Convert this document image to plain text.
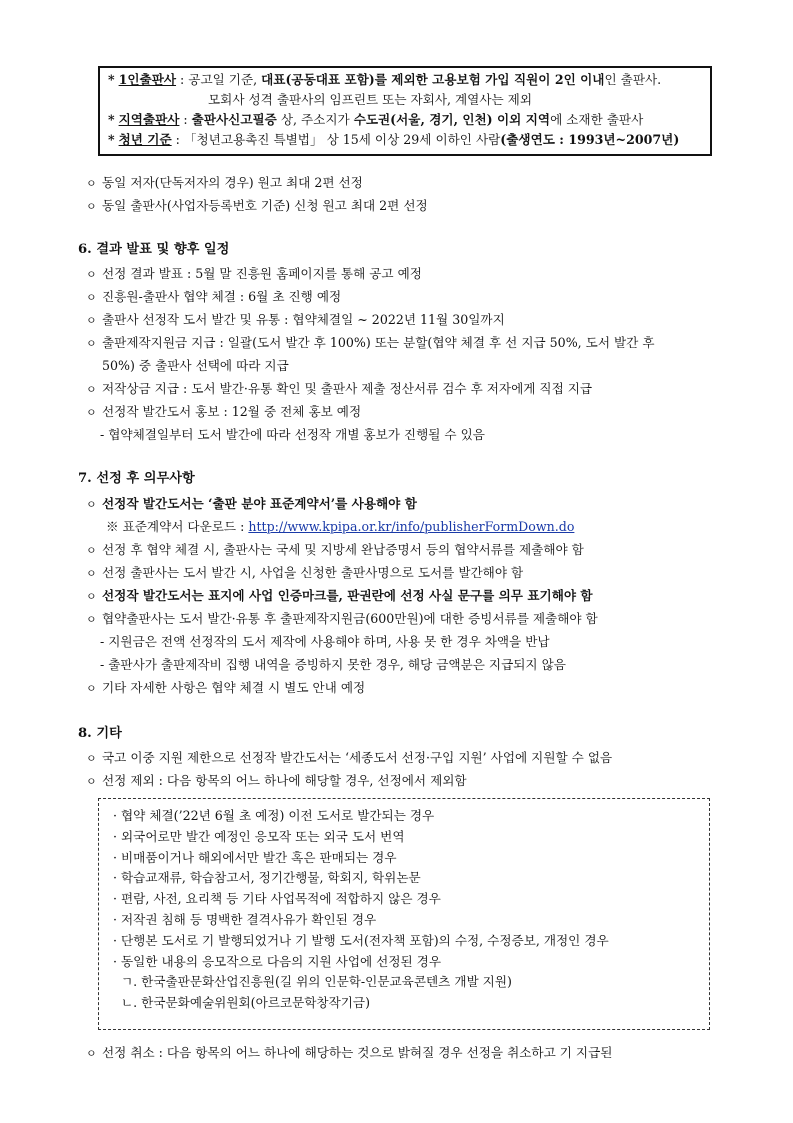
* 1인출판사 : 공고일 기준, 대표(공동대표 포함)를 제외한 고용보험 가입 직원이 2인 이내인 출판사.
모회사 성격 출판사의 임프린트 또는 자회사, 계열사는 제외
* 지역출판사 : 출판사신고필증 상, 주소지가 수도권(서울, 경기, 인천) 이외 지역에 소재한 출판사
* 청년 기준 : 「청년고용촉진 특별법」 상 15세 이상 29세 이하인 사람(출생연도 : 1993년~2007년)
ㅇ 동일 저자(단독저자의 경우) 원고 최대 2편 선정
ㅇ 동일 출판사(사업자등록번호 기준) 신청 원고 최대 2편 선정
6. 결과 발표 및 향후 일정
ㅇ 선정 결과 발표 : 5월 말 진흥원 홈페이지를 통해 공고 예정
ㅇ 진흥원-출판사 협약 체결 : 6월 초 진행 예정
ㅇ 출판사 선정작 도서 발간 및 유통 : 협약체결일 ~ 2022년 11월 30일까지
ㅇ 출판제작지원금 지급 : 일괄(도서 발간 후 100%) 또는 분할(협약 체결 후 선 지급 50%, 도서 발간 후
50%) 중 출판사 선택에 따라 지급
ㅇ 저작상금 지급 : 도서 발간·유통 확인 및 출판사 제출 정산서류 검수 후 저자에게 직접 지급
ㅇ 선정작 발간도서 홍보 : 12월 중 전체 홍보 예정
- 협약체결일부터 도서 발간에 따라 선정작 개별 홍보가 진행될 수 있음
7. 선정 후 의무사항
ㅇ 선정작 발간도서는 ‘출판 분야 표준계약서’를 사용해야 함
※ 표준계약서 다운로드 : http://www.kpipa.or.kr/info/publisherFormDown.do
ㅇ 선정 후 협약 체결 시, 출판사는 국세 및 지방세 완납증명서 등의 협약서류를 제출해야 함
ㅇ 선정 출판사는 도서 발간 시, 사업을 신청한 출판사명으로 도서를 발간해야 함
ㅇ 선정작 발간도서는 표지에 사업 인증마크를, 판권란에 선정 사실 문구를 의무 표기해야 함
ㅇ 협약출판사는 도서 발간·유통 후 출판제작지원금(600만원)에 대한 증빙서류를 제출해야 함
- 지원금은 전액 선정작의 도서 제작에 사용해야 하며, 사용 못 한 경우 차액을 반납
- 출판사가 출판제작비 집행 내역을 증빙하지 못한 경우, 해당 금액분은 지급되지 않음
ㅇ 기타 자세한 사항은 협약 체결 시 별도 안내 예정
8. 기타
ㅇ 국고 이중 지원 제한으로 선정작 발간도서는 ‘세종도서 선정·구입 지원’ 사업에 지원할 수 없음
ㅇ 선정 제외 : 다음 항목의 어느 하나에 해당할 경우, 선정에서 제외함
· 협약 체결(’22년 6월 초 예정) 이전 도서로 발간되는 경우
· 외국어로만 발간 예정인 응모작 또는 외국 도서 번역
· 비매품이거나 해외에서만 발간 혹은 판매되는 경우
· 학습교재류, 학습참고서, 정기간행물, 학회지, 학위논문
· 편람, 사전, 요리책 등 기타 사업목적에 적합하지 않은 경우
· 저작권 침해 등 명백한 결격사유가 확인된 경우
· 단행본 도서로 기 발행되었거나 기 발행 도서(전자책 포함)의 수정, 수정증보, 개정인 경우
· 동일한 내용의 응모작으로 다음의 지원 사업에 선정된 경우
ㄱ. 한국출판문화산업진흥원(길 위의 인문학-인문교육콘텐츠 개발 지원)
ㄴ. 한국문화예술위원회(아르코문학창작기금)
ㅇ 선정 취소 : 다음 항목의 어느 하나에 해당하는 것으로 밝혀질 경우 선정을 취소하고 기 지급된
